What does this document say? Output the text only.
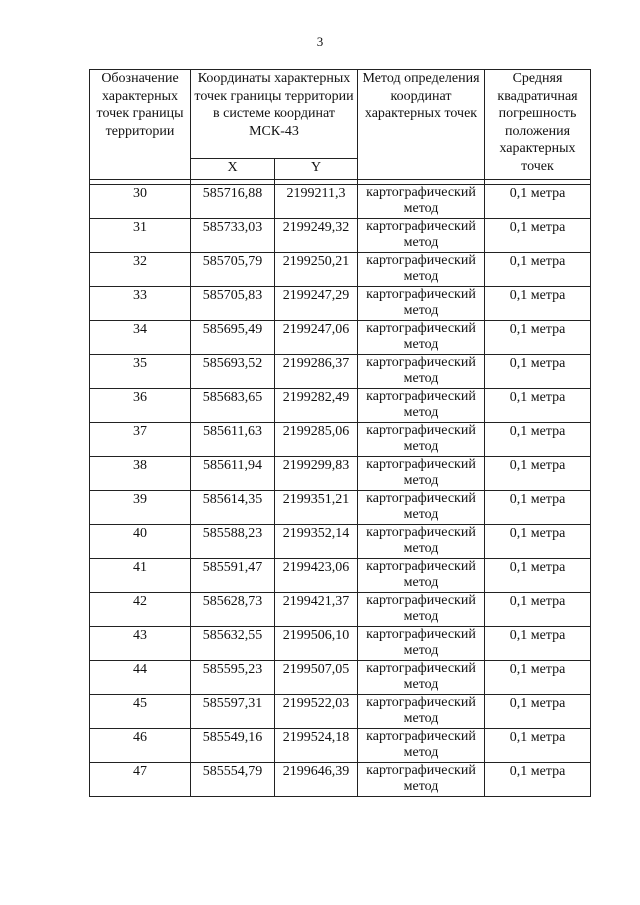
3
Обозначение характерных точек границы территории	Координаты характерных точек границы территории в системе координат МСК-43		Метод определения координат характерных точек	Средняя квадратичная погрешность положения характерных точек
	X	Y		

30	585716,88	2199211,3	картографический метод	0,1 метра
31	585733,03	2199249,32	картографический метод	0,1 метра
32	585705,79	2199250,21	картографический метод	0,1 метра
33	585705,83	2199247,29	картографический метод	0,1 метра
34	585695,49	2199247,06	картографический метод	0,1 метра
35	585693,52	2199286,37	картографический метод	0,1 метра
36	585683,65	2199282,49	картографический метод	0,1 метра
37	585611,63	2199285,06	картографический метод	0,1 метра
38	585611,94	2199299,83	картографический метод	0,1 метра
39	585614,35	2199351,21	картографический метод	0,1 метра
40	585588,23	2199352,14	картографический метод	0,1 метра
41	585591,47	2199423,06	картографический метод	0,1 метра
42	585628,73	2199421,37	картографический метод	0,1 метра
43	585632,55	2199506,10	картографический метод	0,1 метра
44	585595,23	2199507,05	картографический метод	0,1 метра
45	585597,31	2199522,03	картографический метод	0,1 метра
46	585549,16	2199524,18	картографический метод	0,1 метра
47	585554,79	2199646,39	картографический метод	0,1 метра
